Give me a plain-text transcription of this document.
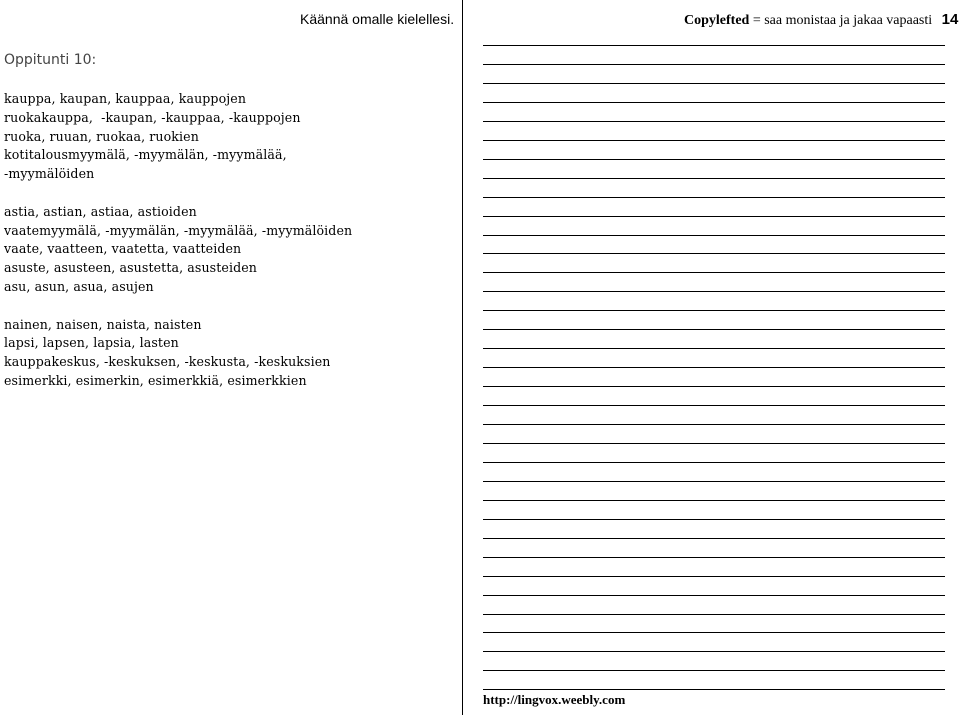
Käännä omalle kielellesi.	Copylefted = saa monistaa ja jakaa vapaasti 14
Oppitunti 10:
kauppa, kaupan, kauppaa, kauppojen
ruokakauppa,  -kaupan, -kauppaa, -kauppojen
ruoka, ruuan, ruokaa, ruokien
kotitalousmyymälä, -myymälän, -myymälää,
-myymälöiden
astia, astian, astiaa, astioiden
vaatemyymälä, -myymälän, -myymälää, -myymälöiden
vaate, vaatteen, vaatetta, vaatteiden
asuste, asusteen, asustetta, asusteiden
asu, asun, asua, asujen
nainen, naisen, naista, naisten
lapsi, lapsen, lapsia, lasten
kauppakeskus, -keskuksen, -keskusta, -keskuksien
esimerkki, esimerkin, esimerkkiä, esimerkkien
http://lingvox.weebly.com
